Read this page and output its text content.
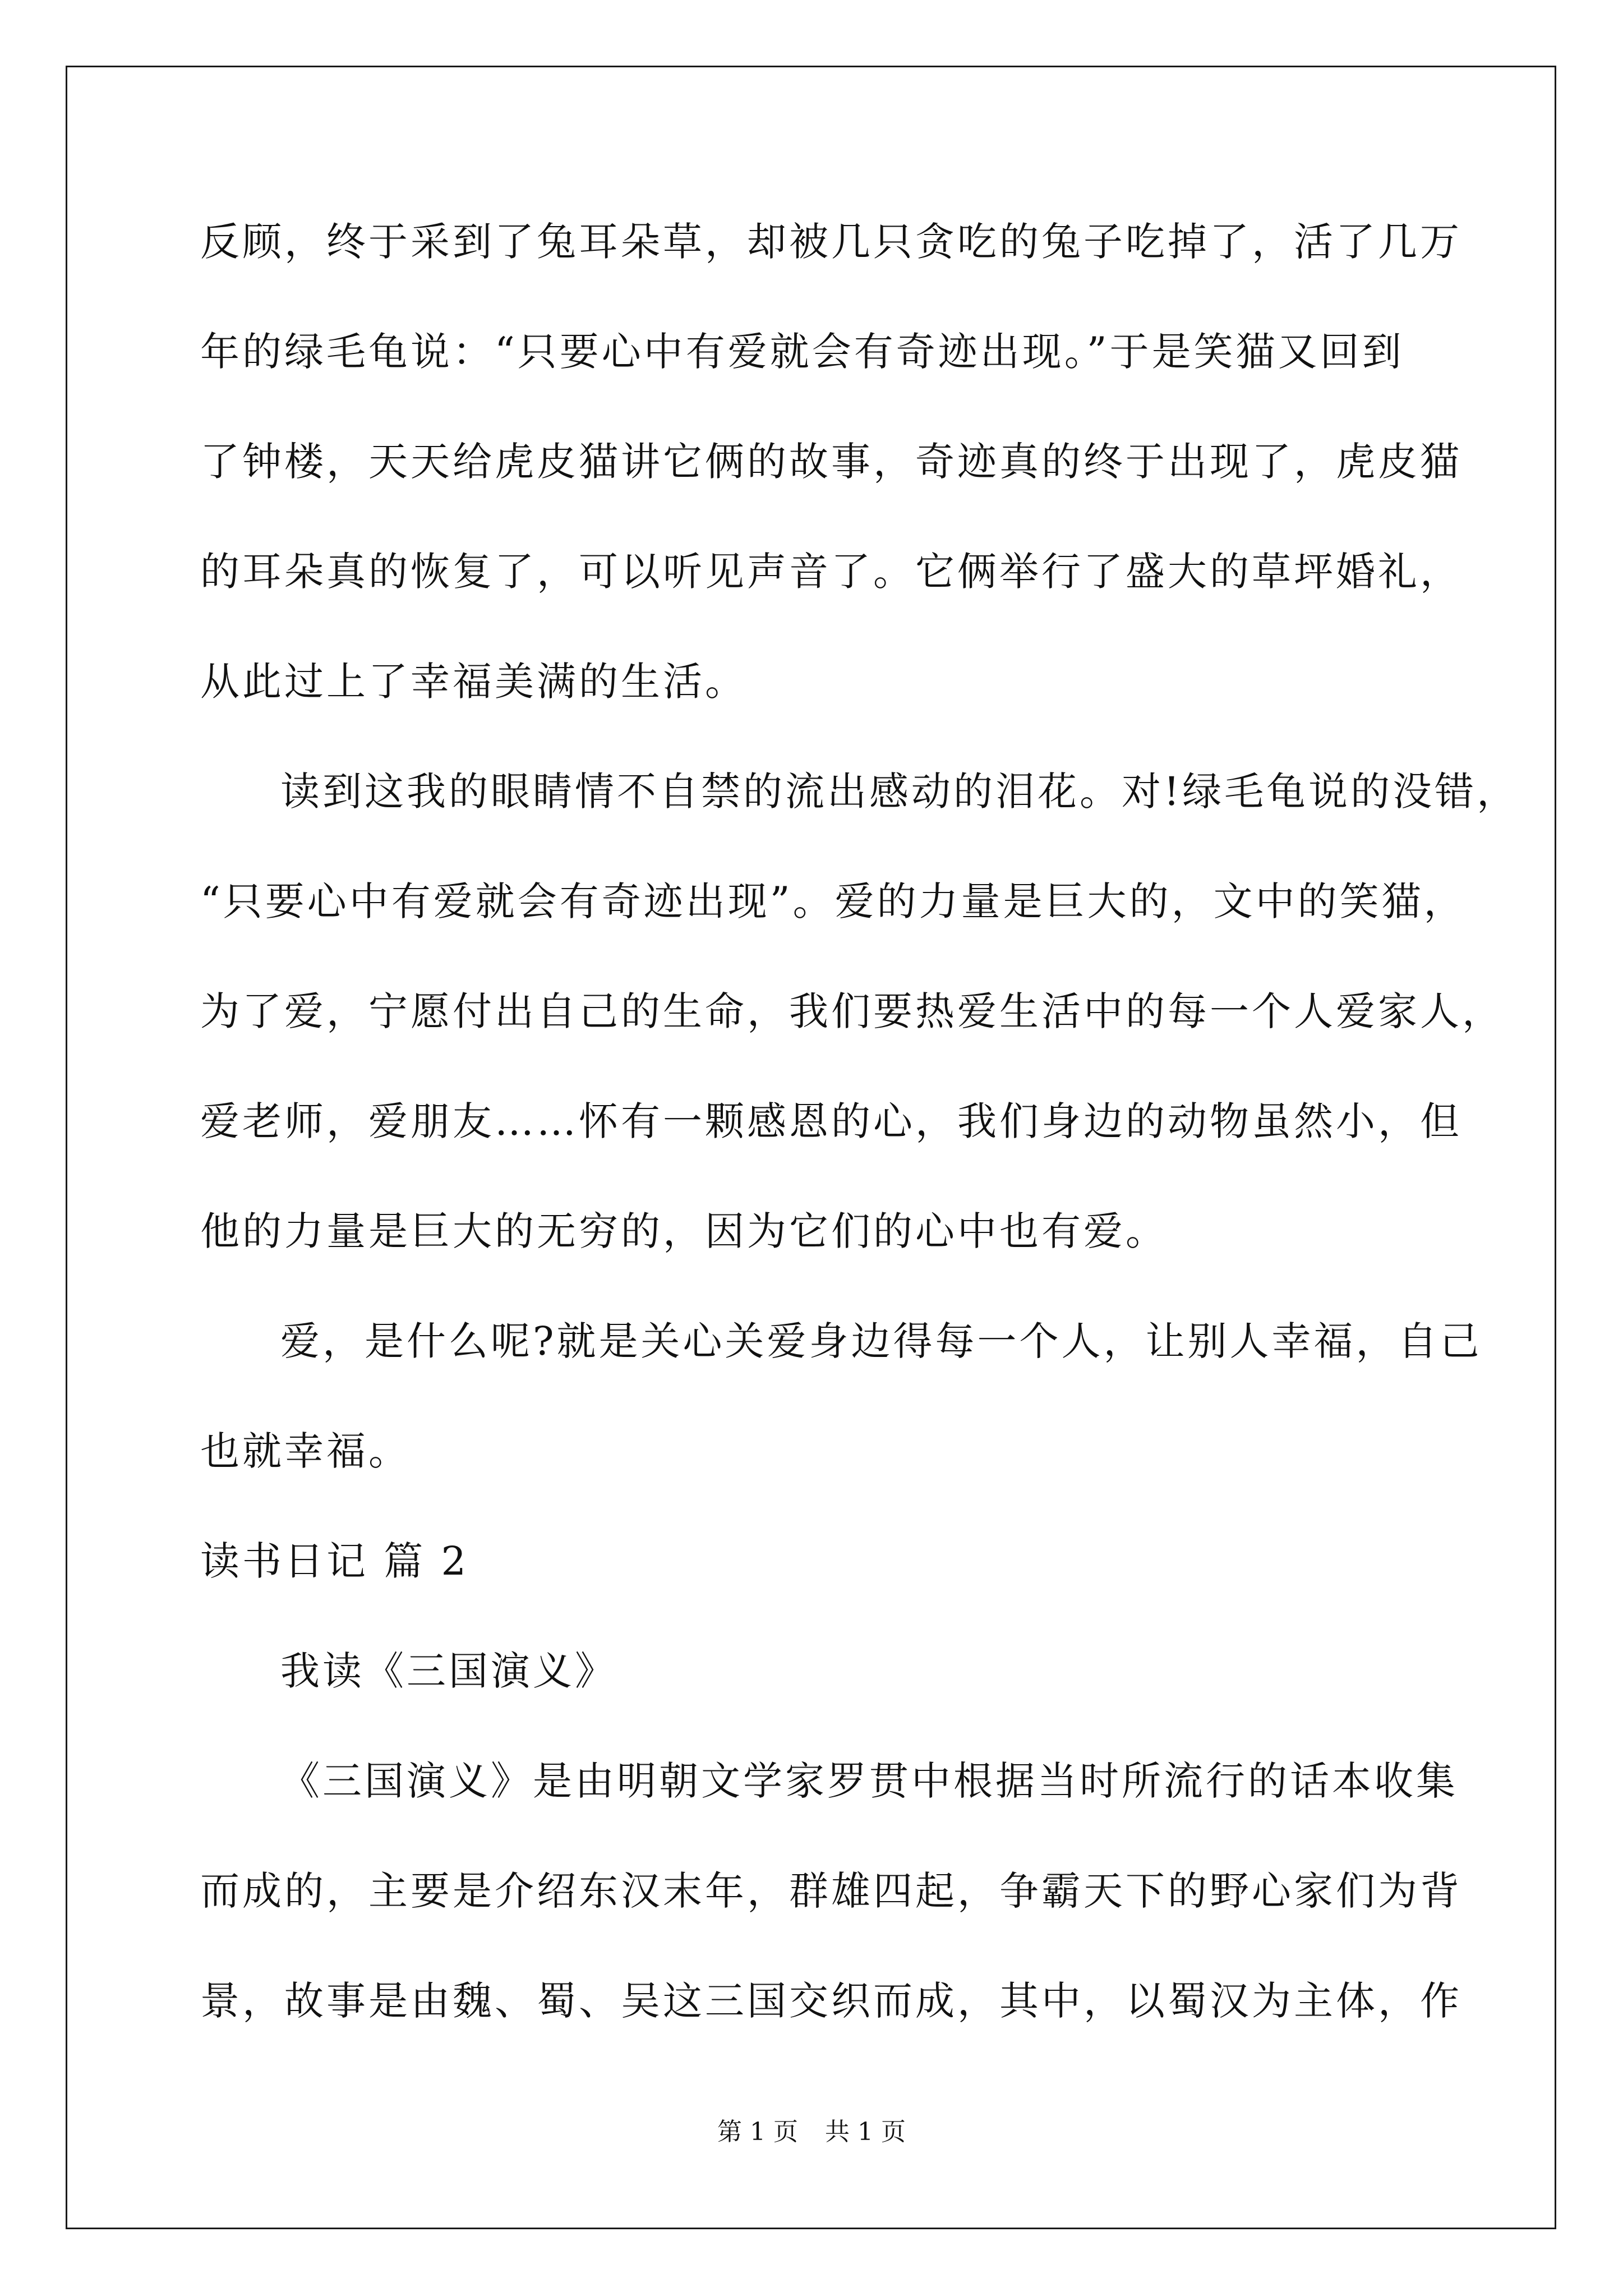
反顾，终于采到了兔耳朵草，却被几只贪吃的兔子吃掉了，活了几万
年的绿毛龟说：“只要心中有爱就会有奇迹出现。”于是笑猫又回到
了钟楼，天天给虎皮猫讲它俩的故事，奇迹真的终于出现了，虎皮猫
的耳朵真的恢复了，可以听见声音了。它俩举行了盛大的草坪婚礼，
从此过上了幸福美满的生活。
读到这我的眼睛情不自禁的流出感动的泪花。对!绿毛龟说的没错，
“只要心中有爱就会有奇迹出现”。爱的力量是巨大的，文中的笑猫，
为了爱，宁愿付出自己的生命，我们要热爱生活中的每一个人爱家人，
爱老师，爱朋友……怀有一颗感恩的心，我们身边的动物虽然小，但
他的力量是巨大的无穷的，因为它们的心中也有爱。
爱，是什么呢?就是关心关爱身边得每一个人，让别人幸福，自己
也就幸福。
读书日记 篇 2
我读《三国演义》
《三国演义》是由明朝文学家罗贯中根据当时所流行的话本收集
而成的，主要是介绍东汉末年，群雄四起，争霸天下的野心家们为背
景，故事是由魏、蜀、吴这三国交织而成，其中，以蜀汉为主体，作
第 1 页 共 1 页
